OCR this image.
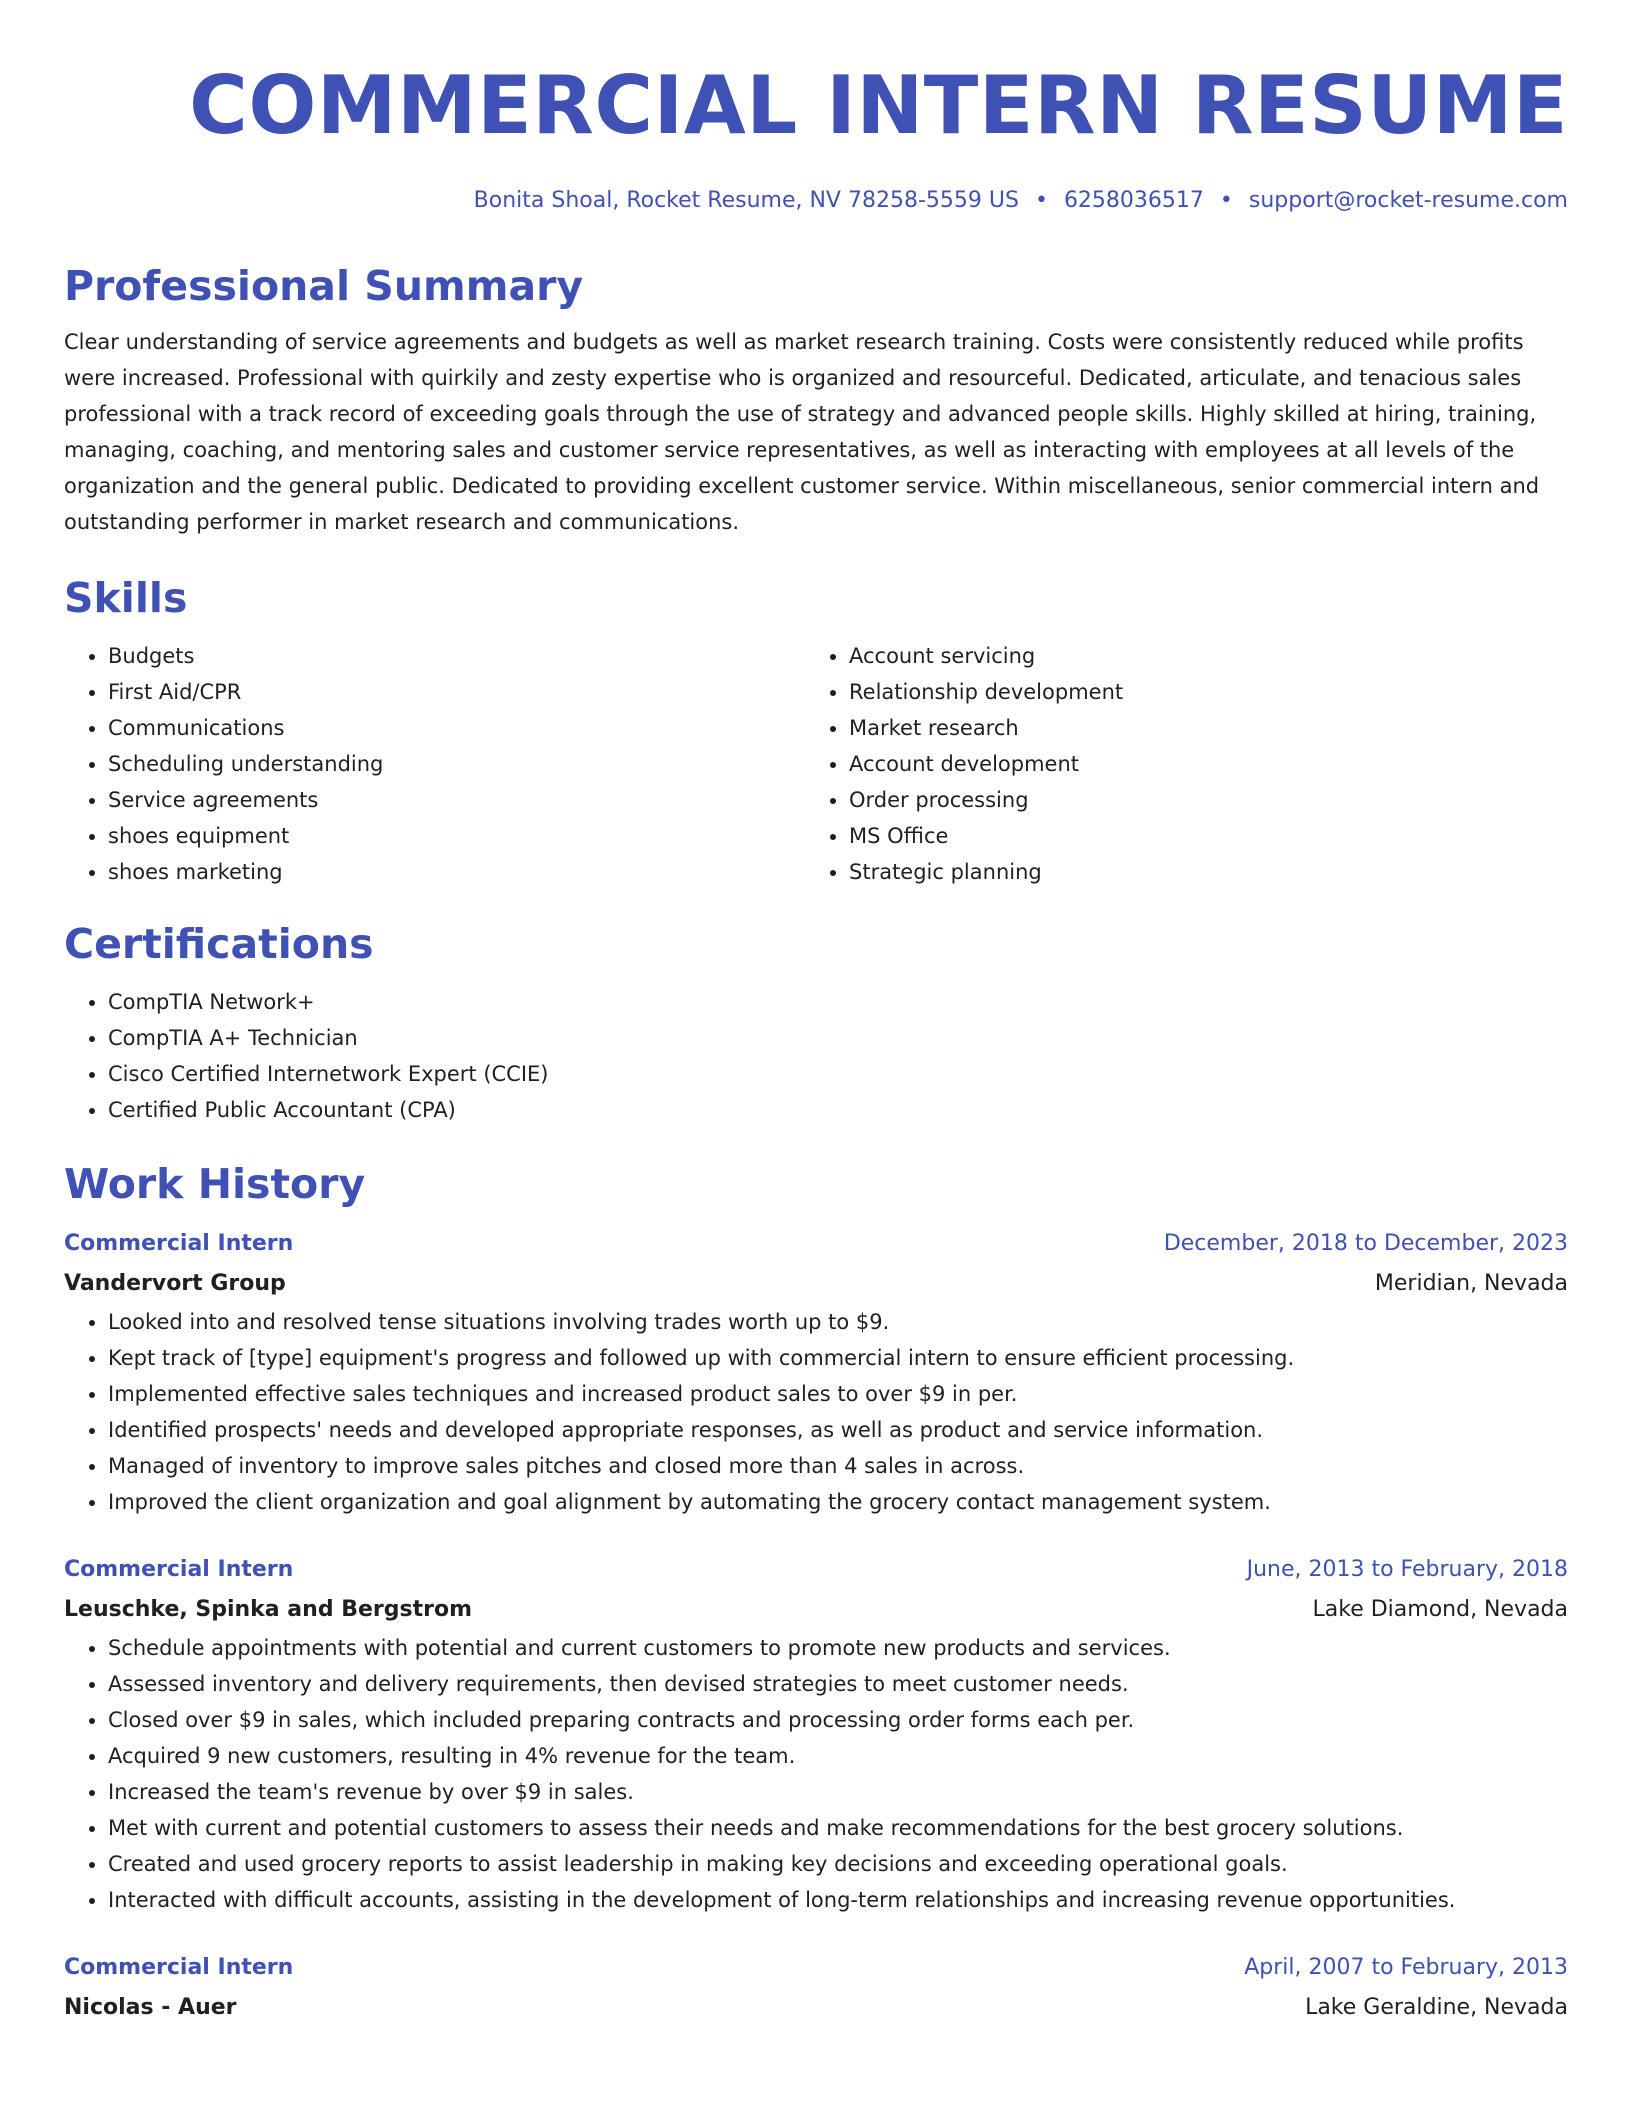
COMMERCIAL INTERN RESUME
Bonita Shoal, Rocket Resume, NV 78258-5559 US • 6258036517 • support@rocket-resume.com
Professional Summary

Clear understanding of service agreements and budgets as well as market research training. Costs were consistently reduced while profits were increased. Professional with quirkily and zesty expertise who is organized and resourceful. Dedicated, articulate, and tenacious sales professional with a track record of exceeding goals through the use of strategy and advanced people skills. Highly skilled at hiring, training, managing, coaching, and mentoring sales and customer service representatives, as well as interacting with employees at all levels of the organization and the general public. Dedicated to providing excellent customer service. Within miscellaneous, senior commercial intern and outstanding performer in market research and communications.

Skills
• Budgets
• First Aid/CPR
• Communications
• Scheduling understanding
• Service agreements
• shoes equipment
• shoes marketing
• Account servicing
• Relationship development
• Market research
• Account development
• Order processing
• MS Office
• Strategic planning
Certifications
• CompTIA Network+
• CompTIA A+ Technician
• Cisco Certified Internetwork Expert (CCIE)
• Certified Public Accountant (CPA)
Work History
Commercial Intern	December, 2018 to December, 2023
Vandervort Group	Meridian, Nevada
• Looked into and resolved tense situations involving trades worth up to $9.
• Kept track of [type] equipment's progress and followed up with commercial intern to ensure efficient processing.
• Implemented effective sales techniques and increased product sales to over $9 in per.
• Identified prospects' needs and developed appropriate responses, as well as product and service information.
• Managed of inventory to improve sales pitches and closed more than 4 sales in across.
• Improved the client organization and goal alignment by automating the grocery contact management system.
Commercial Intern	June, 2013 to February, 2018
Leuschke, Spinka and Bergstrom	Lake Diamond, Nevada
• Schedule appointments with potential and current customers to promote new products and services.
• Assessed inventory and delivery requirements, then devised strategies to meet customer needs.
• Closed over $9 in sales, which included preparing contracts and processing order forms each per.
• Acquired 9 new customers, resulting in 4% revenue for the team.
• Increased the team's revenue by over $9 in sales.
• Met with current and potential customers to assess their needs and make recommendations for the best grocery solutions.
• Created and used grocery reports to assist leadership in making key decisions and exceeding operational goals.
• Interacted with difficult accounts, assisting in the development of long-term relationships and increasing revenue opportunities.
Commercial Intern	April, 2007 to February, 2013
Nicolas - Auer	Lake Geraldine, Nevada
